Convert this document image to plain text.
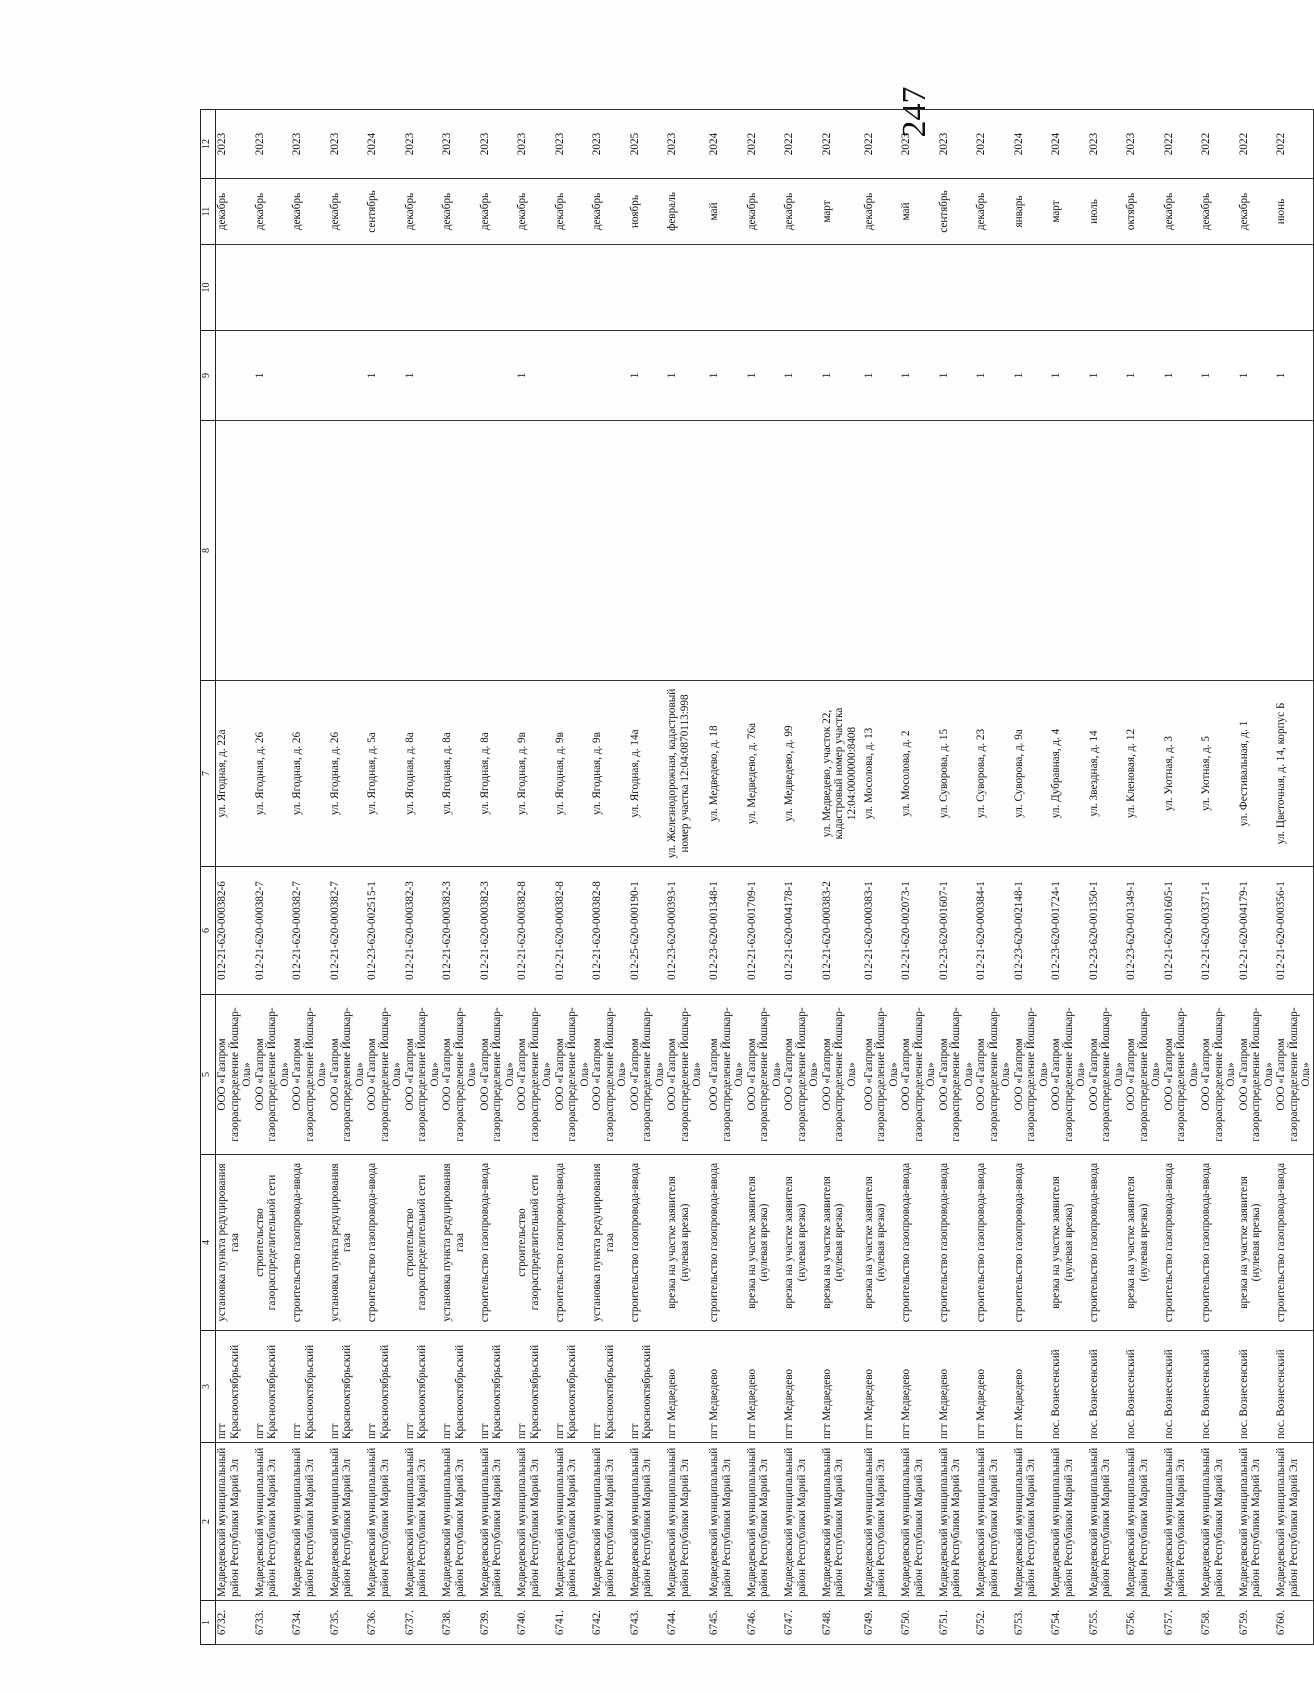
247
1	2	3	4	5	6	7	8	9	10	11	12
6732.	Медведевский муниципальный район Республики Марий Эл	пгт Краснооктябрьский	установка пункта редуцирования газа	ООО «Газпром газораспределение Йошкар-Ола»	012-21-620-000382-6	ул. Ягодная, д. 22а				декабрь	2023
6733.	Медведевский муниципальный район Республики Марий Эл	пгт Краснооктябрьский	строительство газораспределительной сети	ООО «Газпром газораспределение Йошкар-Ола»	012-21-620-000382-7	ул. Ягодная, д. 26		1		декабрь	2023
6734.	Медведевский муниципальный район Республики Марий Эл	пгт Краснооктябрьский	строительство газопровода-ввода	ООО «Газпром газораспределение Йошкар-Ола»	012-21-620-000382-7	ул. Ягодная, д. 26				декабрь	2023
6735.	Медведевский муниципальный район Республики Марий Эл	пгт Краснооктябрьский	установка пункта редуцирования газа	ООО «Газпром газораспределение Йошкар-Ола»	012-21-620-000382-7	ул. Ягодная, д. 26				декабрь	2023
6736.	Медведевский муниципальный район Республики Марий Эл	пгт Краснооктябрьский	строительство газопровода-ввода	ООО «Газпром газораспределение Йошкар-Ола»	012-23-620-002515-1	ул. Ягодная, д. 5а		1		сентябрь	2024
6737.	Медведевский муниципальный район Республики Марий Эл	пгт Краснооктябрьский	строительство газораспределительной сети	ООО «Газпром газораспределение Йошкар-Ола»	012-21-620-000382-3	ул. Ягодная, д. 8а		1		декабрь	2023
6738.	Медведевский муниципальный район Республики Марий Эл	пгт Краснооктябрьский	установка пункта редуцирования газа	ООО «Газпром газораспределение Йошкар-Ола»	012-21-620-000382-3	ул. Ягодная, д. 8а				декабрь	2023
6739.	Медведевский муниципальный район Республики Марий Эл	пгт Краснооктябрьский	строительство газопровода-ввода	ООО «Газпром газораспределение Йошкар-Ола»	012-21-620-000382-3	ул. Ягодная, д. 8а				декабрь	2023
6740.	Медведевский муниципальный район Республики Марий Эл	пгт Краснооктябрьский	строительство газораспределительной сети	ООО «Газпром газораспределение Йошкар-Ола»	012-21-620-000382-8	ул. Ягодная, д. 9в		1		декабрь	2023
6741.	Медведевский муниципальный район Республики Марий Эл	пгт Краснооктябрьский	строительство газопровода-ввода	ООО «Газпром газораспределение Йошкар-Ола»	012-21-620-000382-8	ул. Ягодная, д. 9в				декабрь	2023
6742.	Медведевский муниципальный район Республики Марий Эл	пгт Краснооктябрьский	установка пункта редуцирования газа	ООО «Газпром газораспределение Йошкар-Ола»	012-21-620-000382-8	ул. Ягодная, д. 9в				декабрь	2023
6743.	Медведевский муниципальный район Республики Марий Эл	пгт Краснооктябрьский	строительство газопровода-ввода	ООО «Газпром газораспределение Йошкар-Ола»	012-25-620-000190-1	ул. Ягодная, д. 14а		1		ноябрь	2025
6744.	Медведевский муниципальный район Республики Марий Эл	пгт Медведево	врезка на участке заявителя (нулевая врезка)	ООО «Газпром газораспределение Йошкар-Ола»	012-23-620-000393-1	ул. Железнодорожная, кадастровый номер участка 12:04:0870113:998		1		февраль	2023
6745.	Медведевский муниципальный район Республики Марий Эл	пгт Медведево	строительство газопровода-ввода	ООО «Газпром газораспределение Йошкар-Ола»	012-23-620-001348-1	ул. Медведево, д. 18		1		май	2024
6746.	Медведевский муниципальный район Республики Марий Эл	пгт Медведево	врезка на участке заявителя (нулевая врезка)	ООО «Газпром газораспределение Йошкар-Ола»	012-21-620-001709-1	ул. Медведево, д. 76а		1		декабрь	2022
6747.	Медведевский муниципальный район Республики Марий Эл	пгт Медведево	врезка на участке заявителя (нулевая врезка)	ООО «Газпром газораспределение Йошкар-Ола»	012-21-620-004178-1	ул. Медведево, д. 99		1		декабрь	2022
6748.	Медведевский муниципальный район Республики Марий Эл	пгт Медведево	врезка на участке заявителя (нулевая врезка)	ООО «Газпром газораспределение Йошкар-Ола»	012-21-620-000383-2	ул. Медведево, участок 22, кадастровый номер участка 12:04:0000000:8408		1		март	2022
6749.	Медведевский муниципальный район Республики Марий Эл	пгт Медведево	врезка на участке заявителя (нулевая врезка)	ООО «Газпром газораспределение Йошкар-Ола»	012-21-620-000383-1	ул. Мосолова, д. 13		1		декабрь	2022
6750.	Медведевский муниципальный район Республики Марий Эл	пгт Медведево	строительство газопровода-ввода	ООО «Газпром газораспределение Йошкар-Ола»	012-21-620-002073-1	ул. Мосолова, д. 2		1		май	2023
6751.	Медведевский муниципальный район Республики Марий Эл	пгт Медведево	строительство газопровода-ввода	ООО «Газпром газораспределение Йошкар-Ола»	012-23-620-001607-1	ул. Суворова, д. 15		1		сентябрь	2023
6752.	Медведевский муниципальный район Республики Марий Эл	пгт Медведево	строительство газопровода-ввода	ООО «Газпром газораспределение Йошкар-Ола»	012-21-620-000384-1	ул. Суворова, д. 23		1		декабрь	2022
6753.	Медведевский муниципальный район Республики Марий Эл	пгт Медведево	строительство газопровода-ввода	ООО «Газпром газораспределение Йошкар-Ола»	012-23-620-002148-1	ул. Суворова, д. 9а		1		январь	2024
6754.	Медведевский муниципальный район Республики Марий Эл	пос. Вознесенский	врезка на участке заявителя (нулевая врезка)	ООО «Газпром газораспределение Йошкар-Ола»	012-23-620-001724-1	ул. Дубравная, д. 4		1		март	2024
6755.	Медведевский муниципальный район Республики Марий Эл	пос. Вознесенский	строительство газопровода-ввода	ООО «Газпром газораспределение Йошкар-Ола»	012-23-620-001350-1	ул. Звездная, д. 14		1		июль	2023
6756.	Медведевский муниципальный район Республики Марий Эл	пос. Вознесенский	врезка на участке заявителя (нулевая врезка)	ООО «Газпром газораспределение Йошкар-Ола»	012-23-620-001349-1	ул. Кленовая, д. 12		1		октябрь	2023
6757.	Медведевский муниципальный район Республики Марий Эл	пос. Вознесенский	строительство газопровода-ввода	ООО «Газпром газораспределение Йошкар-Ола»	012-21-620-001605-1	ул. Уютная, д. 3		1		декабрь	2022
6758.	Медведевский муниципальный район Республики Марий Эл	пос. Вознесенский	строительство газопровода-ввода	ООО «Газпром газораспределение Йошкар-Ола»	012-21-620-003371-1	ул. Уютная, д. 5		1		декабрь	2022
6759.	Медведевский муниципальный район Республики Марий Эл	пос. Вознесенский	врезка на участке заявителя (нулевая врезка)	ООО «Газпром газораспределение Йошкар-Ола»	012-21-620-004179-1	ул. Фестивальная, д. 1		1		декабрь	2022
6760.	Медведевский муниципальный район Республики Марий Эл	пос. Вознесенский	строительство газопровода-ввода	ООО «Газпром газораспределение Йошкар-Ола»	012-21-620-000356-1	ул. Цветочная, д. 14, корпус Б		1		июнь	2022
